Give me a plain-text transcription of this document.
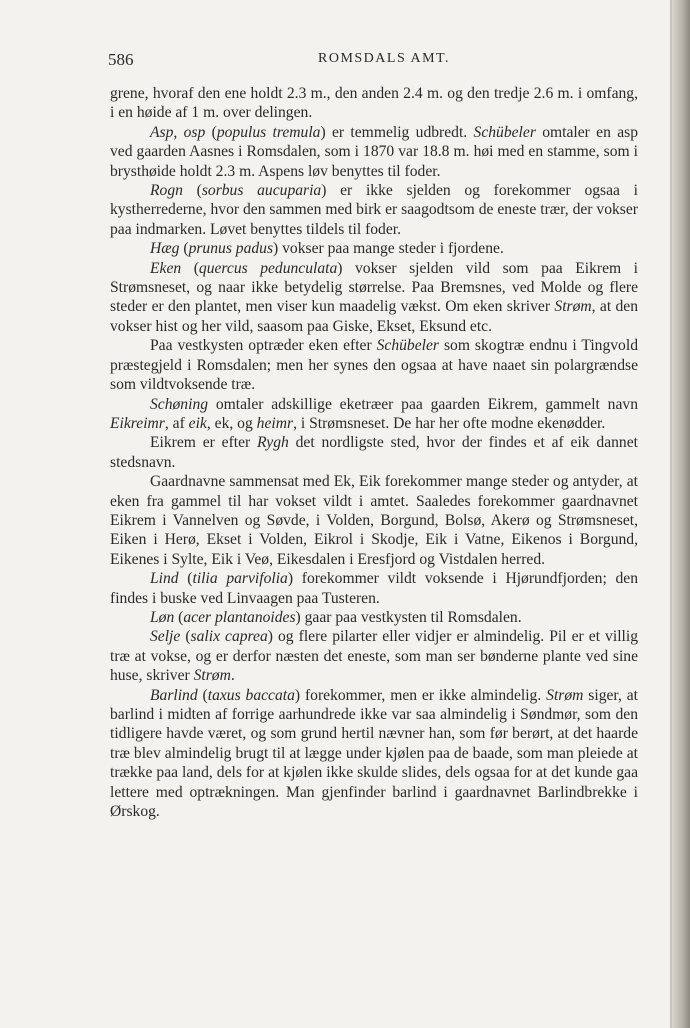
586	ROMSDALS AMT.

grene, hvoraf den ene holdt 2.3 m., den anden 2.4 m. og den tredje 2.6 m. i omfang, i en høide af 1 m. over delingen.

Asp, osp (populus tremula) er temmelig udbredt. Schübeler omtaler en asp ved gaarden Aasnes i Romsdalen, som i 1870 var 18.8 m. høi med en stamme, som i brysthøide holdt 2.3 m. Aspens løv benyttes til foder.

Rogn (sorbus aucuparia) er ikke sjelden og forekommer ogsaa i kystherrederne, hvor den sammen med birk er saagodtsom de eneste trær, der vokser paa indmarken. Løvet benyttes tildels til foder.

Hæg (prunus padus) vokser paa mange steder i fjordene.

Eken (quercus pedunculata) vokser sjelden vild som paa Eikrem i Strømsneset, og naar ikke betydelig størrelse. Paa Bremsnes, ved Molde og flere steder er den plantet, men viser kun maadelig vækst. Om eken skriver Strøm, at den vokser hist og her vild, saasom paa Giske, Ekset, Eksund etc.

Paa vestkysten optræder eken efter Schübeler som skogtræ endnu i Tingvold præstegjeld i Romsdalen; men her synes den ogsaa at have naaet sin polargrændse som vildtvoksende træ.

Schøning omtaler adskillige eketræer paa gaarden Eikrem, gammelt navn Eikreimr, af eik, ek, og heimr, i Strømsneset. De har her ofte modne ekenødder.

Eikrem er efter Rygh det nordligste sted, hvor der findes et af eik dannet stedsnavn.

Gaardnavne sammensat med Ek, Eik forekommer mange steder og antyder, at eken fra gammel til har vokset vildt i amtet. Saaledes forekommer gaardnavnet Eikrem i Vannelven og Søvde, i Volden, Borgund, Bolsø, Akerø og Strømsneset, Eiken i Herø, Ekset i Volden, Eikrol i Skodje, Eik i Vatne, Eikenos i Borgund, Eikenes i Sylte, Eik i Veø, Eikesdalen i Eresfjord og Vistdalen herred.

Lind (tilia parvifolia) forekommer vildt voksende i Hjørundfjorden; den findes i buske ved Linvaagen paa Tusteren.

Løn (acer plantanoides) gaar paa vestkysten til Romsdalen.

Selje (salix caprea) og flere pilarter eller vidjer er almindelig. Pil er et villig træ at vokse, og er derfor næsten det eneste, som man ser bønderne plante ved sine huse, skriver Strøm.

Barlind (taxus baccata) forekommer, men er ikke almindelig. Strøm siger, at barlind i midten af forrige aarhundrede ikke var saa almindelig i Søndmør, som den tidligere havde været, og som grund hertil nævner han, som før berørt, at det haarde træ blev almindelig brugt til at lægge under kjølen paa de baade, som man pleiede at trække paa land, dels for at kjølen ikke skulde slides, dels ogsaa for at det kunde gaa lettere med optrækningen. Man gjenfinder barlind i gaardnavnet Barlindbrekke i Ørskog.
